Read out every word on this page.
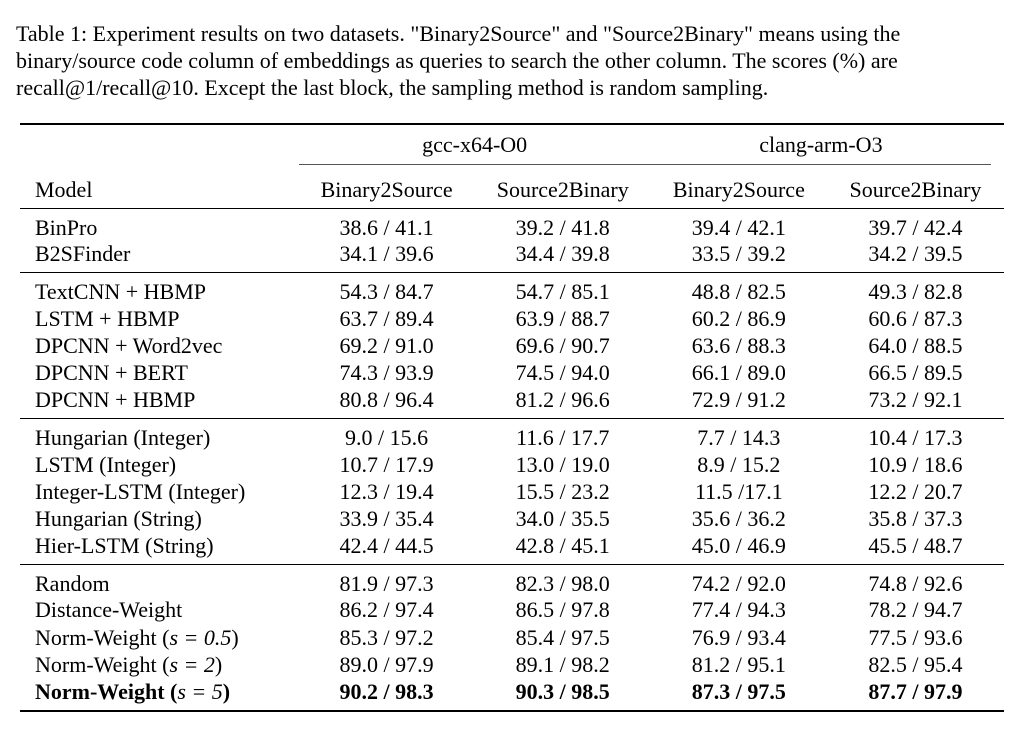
Table 1: Experiment results on two datasets. "Binary2Source" and "Source2Binary" means using the binary/source code column of embeddings as queries to search the other column. The scores (%) are recall@1/recall@10. Except the last block, the sampling method is random sampling.

	gcc-x64-O0		clang-arm-O3	

Model	Binary2Source	Source2Binary	Binary2Source	Source2Binary
BinPro	38.6 / 41.1	39.2 / 41.8	39.4 / 42.1	39.7 / 42.4
B2SFinder	34.1 / 39.6	34.4 / 39.8	33.5 / 39.2	34.2 / 39.5
TextCNN + HBMP	54.3 / 84.7	54.7 / 85.1	48.8 / 82.5	49.3 / 82.8
LSTM + HBMP	63.7 / 89.4	63.9 / 88.7	60.2 / 86.9	60.6 / 87.3
DPCNN + Word2vec	69.2 / 91.0	69.6 / 90.7	63.6 / 88.3	64.0 / 88.5
DPCNN + BERT	74.3 / 93.9	74.5 / 94.0	66.1 / 89.0	66.5 / 89.5
DPCNN + HBMP	80.8 / 96.4	81.2 / 96.6	72.9 / 91.2	73.2 / 92.1
Hungarian (Integer)	9.0 / 15.6	11.6 / 17.7	7.7 / 14.3	10.4 / 17.3
LSTM (Integer)	10.7 / 17.9	13.0 / 19.0	8.9 / 15.2	10.9 / 18.6
Integer-LSTM (Integer)	12.3 / 19.4	15.5 / 23.2	11.5 /17.1	12.2 / 20.7
Hungarian (String)	33.9 / 35.4	34.0 / 35.5	35.6 / 36.2	35.8 / 37.3
Hier-LSTM (String)	42.4 / 44.5	42.8 / 45.1	45.0 / 46.9	45.5 / 48.7
Random	81.9 / 97.3	82.3 / 98.0	74.2 / 92.0	74.8 / 92.6
Distance-Weight	86.2 / 97.4	86.5 / 97.8	77.4 / 94.3	78.2 / 94.7
Norm-Weight (s = 0.5)	85.3 / 97.2	85.4 / 97.5	76.9 / 93.4	77.5 / 93.6
Norm-Weight (s = 2)	89.0 / 97.9	89.1 / 98.2	81.2 / 95.1	82.5 / 95.4
Norm-Weight (s = 5)	90.2 / 98.3	90.3 / 98.5	87.3 / 97.5	87.7 / 97.9
